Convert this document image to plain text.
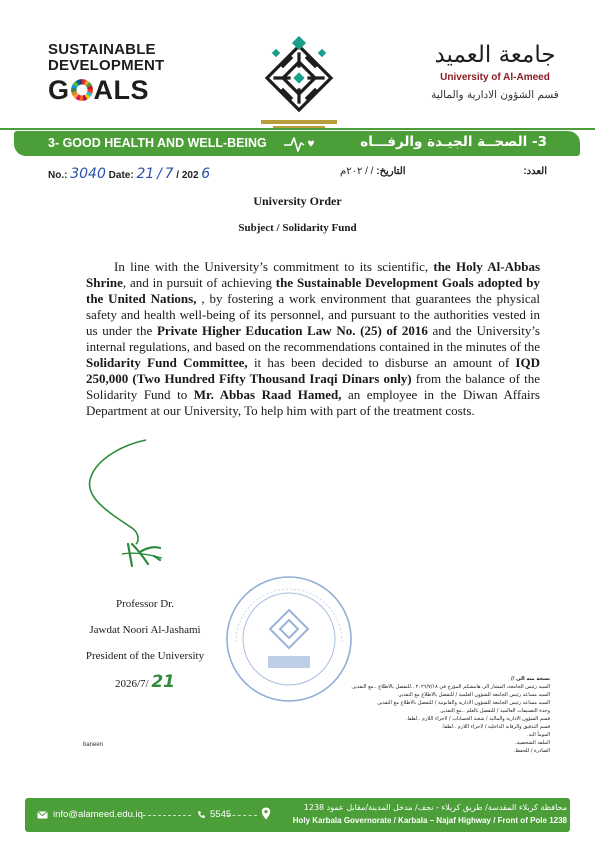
SUSTAINABLE
DEVELOPMENT
G ALS
جامعة العميد
University of Al-Ameed
قسم الشؤون الادارية والمالية
3- GOOD HEALTH AND WELL-BEING	3- الصحــة الجيـدة والرفـــاه
No.: 3040 Date: 21 / 7 / 202 6	التاريخ: / / ٢٠٢م	العدد:
University Order
Subject / Solidarity Fund
In line with the University’s commitment to its scientific, the Holy Al-Abbas Shrine, and in pursuit of achieving the Sustainable Development Goals adopted by the United Nations, , by fostering a work environment that guarantees the physical safety and health well-being of its personnel, and pursuant to the authorities vested in us under the Private Higher Education Law No. (25) of 2016 and the University’s internal regulations, and based on the recommendations contained in the minutes of the Solidarity Fund Committee, it has been decided to disburse an amount of IQD 250,000 (Two Hundred Fifty Thousand Iraqi Dinars only) from the balance of the Solidarity Fund to Mr. Abbas Raad Hamed, an employee in the Diwan Affairs Department at our University, To help him with part of the treatment costs.
Professor Dr.
Jawdat Noori Al-Jashami
President of the University
2026/7/ 21	نسخة منه الى //
السيد رئيس الجامعة، المشار الى هامشكم المؤرخ في ٢٠٢٦/٧/١٨ ..للتفضل بالاطلاع ..مع التقدير.
السيد مساعد رئيس الجامعة للشؤون العلمية / للتفضل بالاطلاع مع التقدير.
السيد مساعد رئيس الجامعة للشؤون الادارية والقانونية / للتفضل بالاطلاع مع التقدير.
وحدة التصنيفات العالمية / للتفضل بالعلم ..مع التقدير.
قسم الشؤون الادارية والمالية / شعبة الحسابات / لاجراء اللازم ..لطفا.
قسم التدقيق والرقابة الداخلية / لاجراء اللازم ..لطفا.
المومأ اليه.
الملفة الشخصية.
الصادرة / للحفظ.
baneen
info@alameed.edu.iq	5545
محافظة كربلاء المقدسة/ طريق كربلاء - نجف/ مدخل المدينة/مقابل عمود 1238
Holy Karbala Governorate / Karbala – Najaf Highway / Front of Pole 1238
